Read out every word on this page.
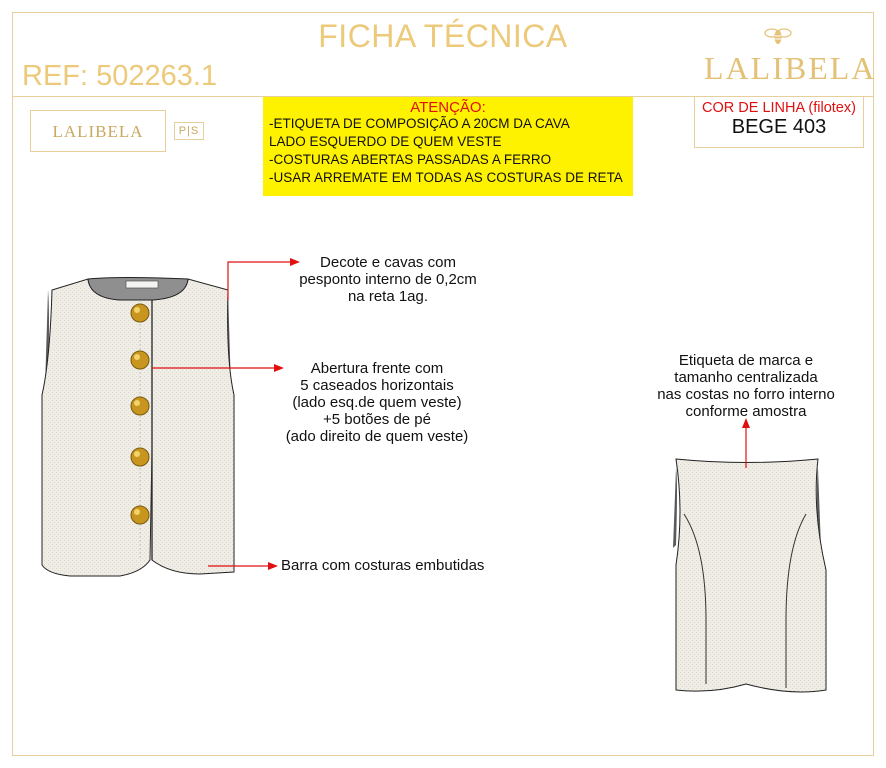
FICHA TÉCNICA
REF: 502263.1	LALIBELA
LALIBELA	P|S
ATENÇÃO:
-ETIQUETA DE COMPOSIÇÃO A 20CM DA CAVA
LADO ESQUERDO DE QUEM VESTE
-COSTURAS ABERTAS PASSADAS A FERRO
-USAR ARREMATE EM TODAS AS COSTURAS DE RETA
COR DE LINHA (filotex)
BEGE 403
Decote e cavas com
pesponto interno de 0,2cm
na reta 1ag.
Abertura frente com
5 caseados horizontais
(lado esq.de quem veste)
+5 botões de pé
(ado direito de quem veste)
Barra com costuras embutidas
Etiqueta de marca e
tamanho centralizada
nas costas no forro interno
conforme amostra
